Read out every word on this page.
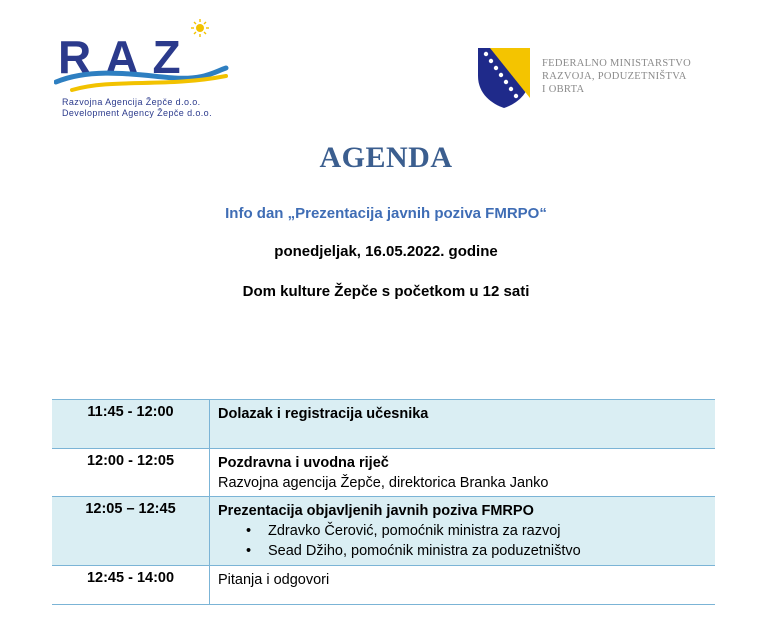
RAZ
Razvojna Agencija Žepče d.o.o.
Development Agency Žepče d.o.o.
FEDERALNO MINISTARSTVO
RAZVOJA, PODUZETNIŠTVA
I OBRTA
AGENDA
Info dan „Prezentacija javnih poziva FMRPO“
ponedjeljak, 16.05.2022. godine
Dom kulture Žepče s početkom u 12 sati
11:45 - 12:00	Dolazak i registracija učesnika
12:00 - 12:05	Pozdravna i uvodna riječ
Razvojna agencija Žepče, direktorica Branka Janko
12:05 – 12:45	Prezentacija objavljenih javnih poziva FMRPO
• Zdravko Čerović, pomoćnik ministra za razvoj
• Sead Džiho, pomoćnik ministra za poduzetništvo
12:45 - 14:00	Pitanja i odgovori
